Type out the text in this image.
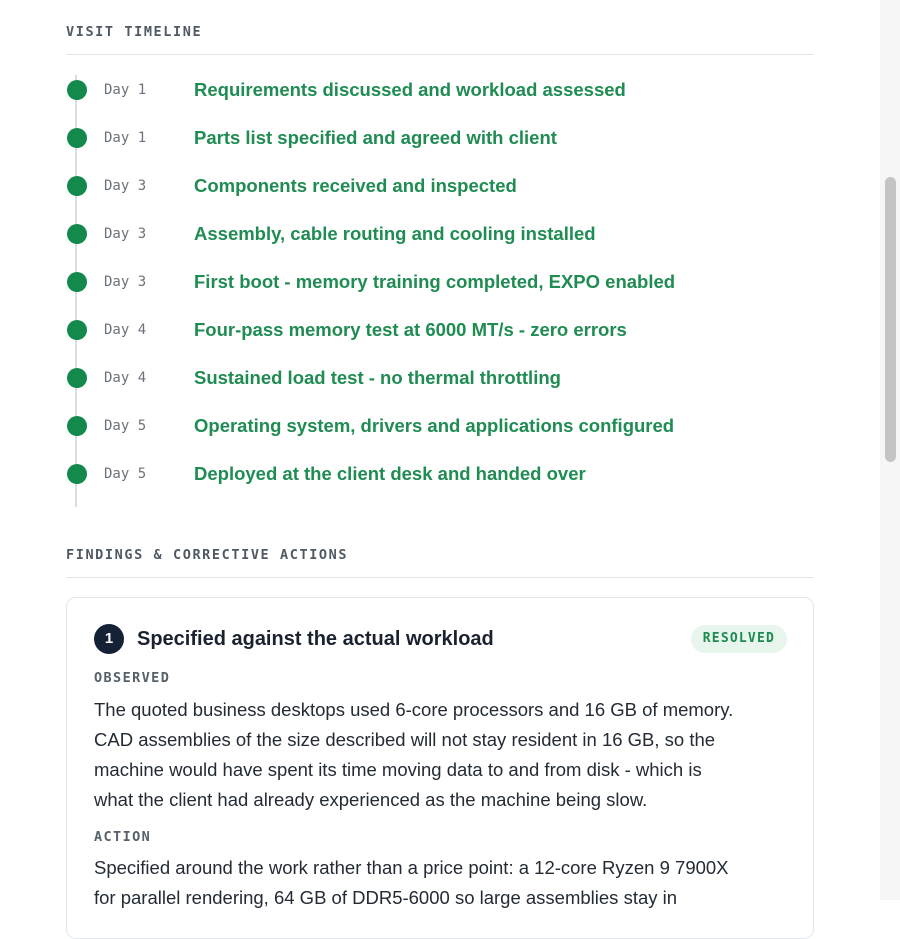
VISIT TIMELINE
Day 1	Requirements discussed and workload assessed
Day 1	Parts list specified and agreed with client
Day 3	Components received and inspected
Day 3	Assembly, cable routing and cooling installed
Day 3	First boot - memory training completed, EXPO enabled
Day 4	Four-pass memory test at 6000 MT/s - zero errors
Day 4	Sustained load test - no thermal throttling
Day 5	Operating system, drivers and applications configured
Day 5	Deployed at the client desk and handed over
FINDINGS & CORRECTIVE ACTIONS
1	Specified against the actual workload	RESOLVED
OBSERVED
The quoted business desktops used 6-core processors and 16 GB of memory.
CAD assemblies of the size described will not stay resident in 16 GB, so the
machine would have spent its time moving data to and from disk - which is
what the client had already experienced as the machine being slow.
ACTION
Specified around the work rather than a price point: a 12-core Ryzen 9 7900X
for parallel rendering, 64 GB of DDR5-6000 so large assemblies stay in
